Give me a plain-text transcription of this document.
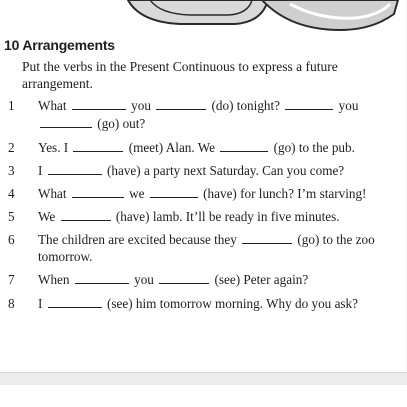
10 Arrangements
Put the verbs in the Present Continuous to express a future
arrangement.
1	What	you	(do) tonight?	you
(go) out?
2	Yes. I	(meet) Alan. We	(go) to the pub.
3	I	(have) a party next Saturday. Can you come?
4	What	we	(have) for lunch? I’m starving!
5	We	(have) lamb. It’ll be ready in five minutes.
6	The children are excited because they	(go) to the zoo
tomorrow.
7	When	you	(see) Peter again?
8	I	(see) him tomorrow morning. Why do you ask?
